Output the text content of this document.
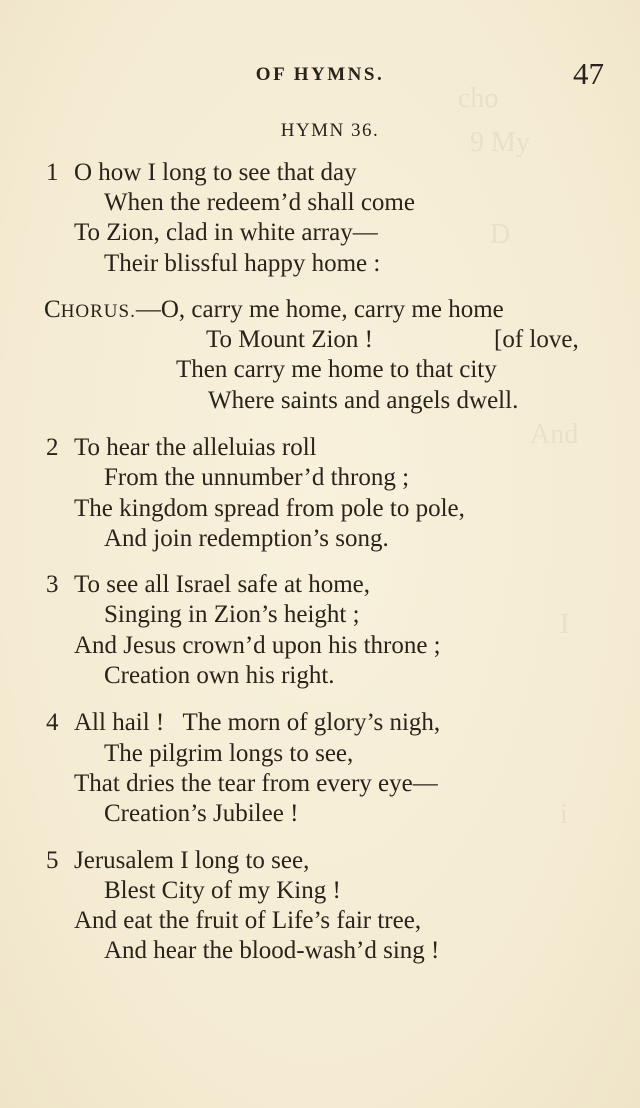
cho
9 My
D
And
I
i
OF HYMNS.	47
HYMN 36.
1 O how I long to see that day
When the redeem’d shall come
To Zion, clad in white array—
Their blissful happy home :
CHORUS.—O, carry me home, carry me home
To Mount Zion !	[of love,
Then carry me home to that city
Where saints and angels dwell.
2 To hear the alleluias roll
From the unnumber’d throng ;
The kingdom spread from pole to pole,
And join redemption’s song.
3 To see all Israel safe at home,
Singing in Zion’s height ;
And Jesus crown’d upon his throne ;
Creation own his right.
4 All hail !   The morn of glory’s nigh,
The pilgrim longs to see,
That dries the tear from every eye—
Creation’s Jubilee !
5 Jerusalem I long to see,
Blest City of my King !
And eat the fruit of Life’s fair tree,
And hear the blood-wash’d sing !
